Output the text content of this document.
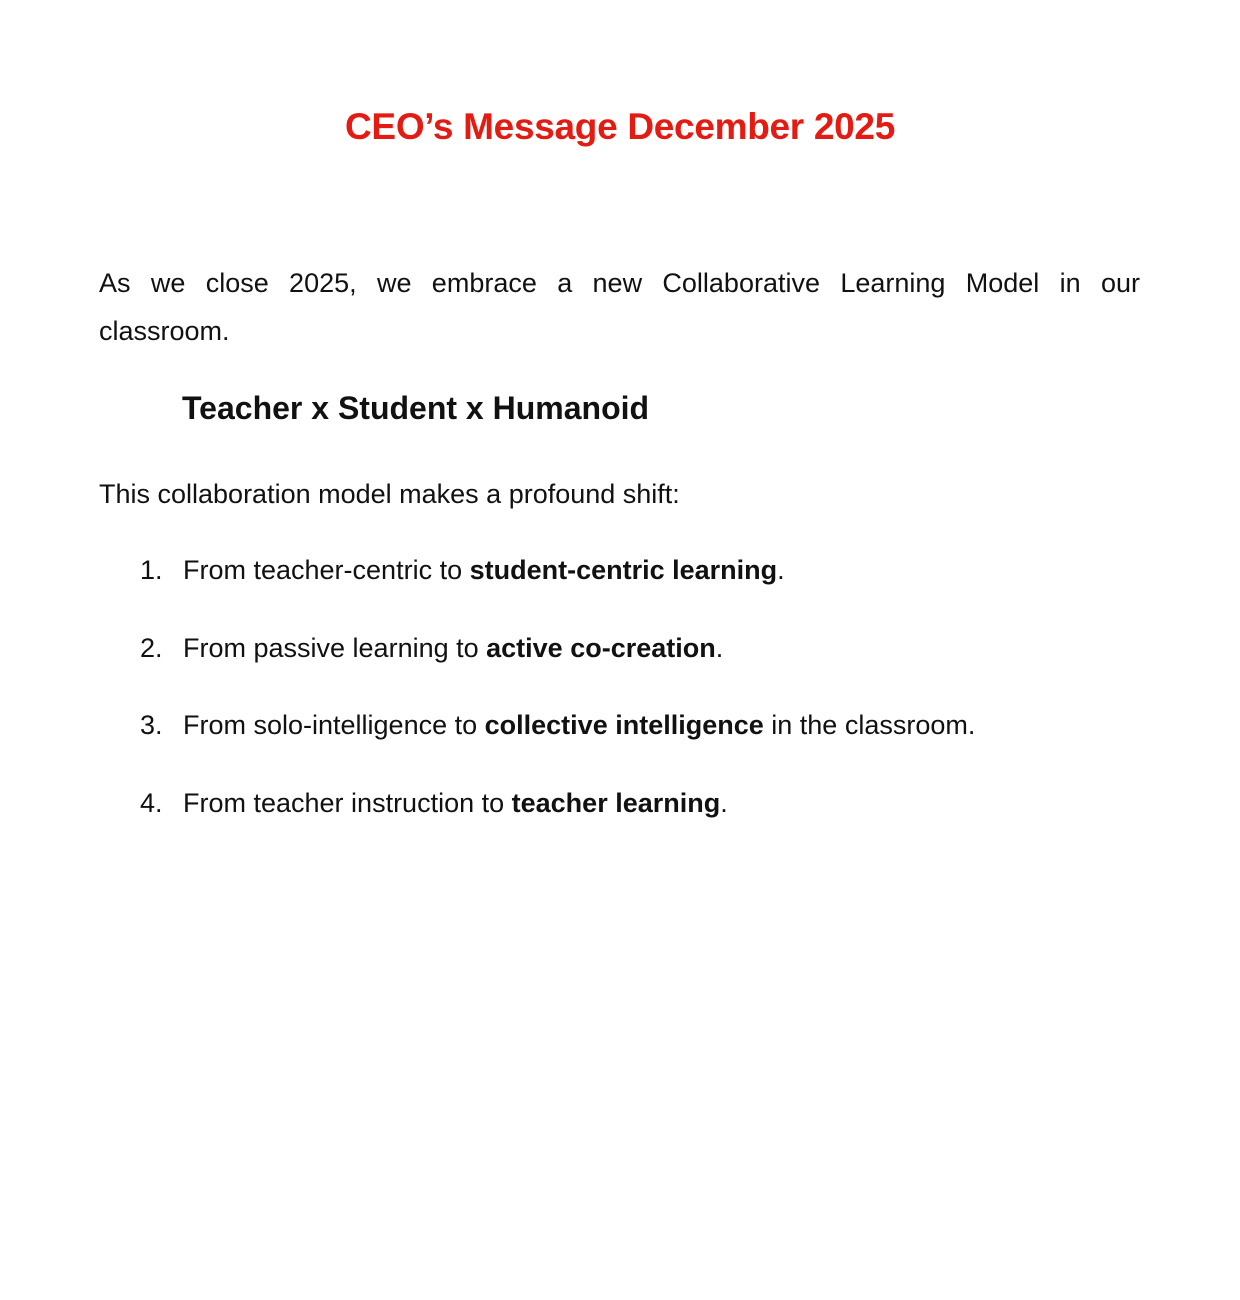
CEO’s Message December 2025
As we close 2025, we embrace a new Collaborative Learning Model in our classroom.
Teacher x Student x Humanoid
This collaboration model makes a profound shift:
1. From teacher-centric to student-centric learning.
2. From passive learning to active co-creation.
3. From solo-intelligence to collective intelligence in the classroom.
4. From teacher instruction to teacher learning.
